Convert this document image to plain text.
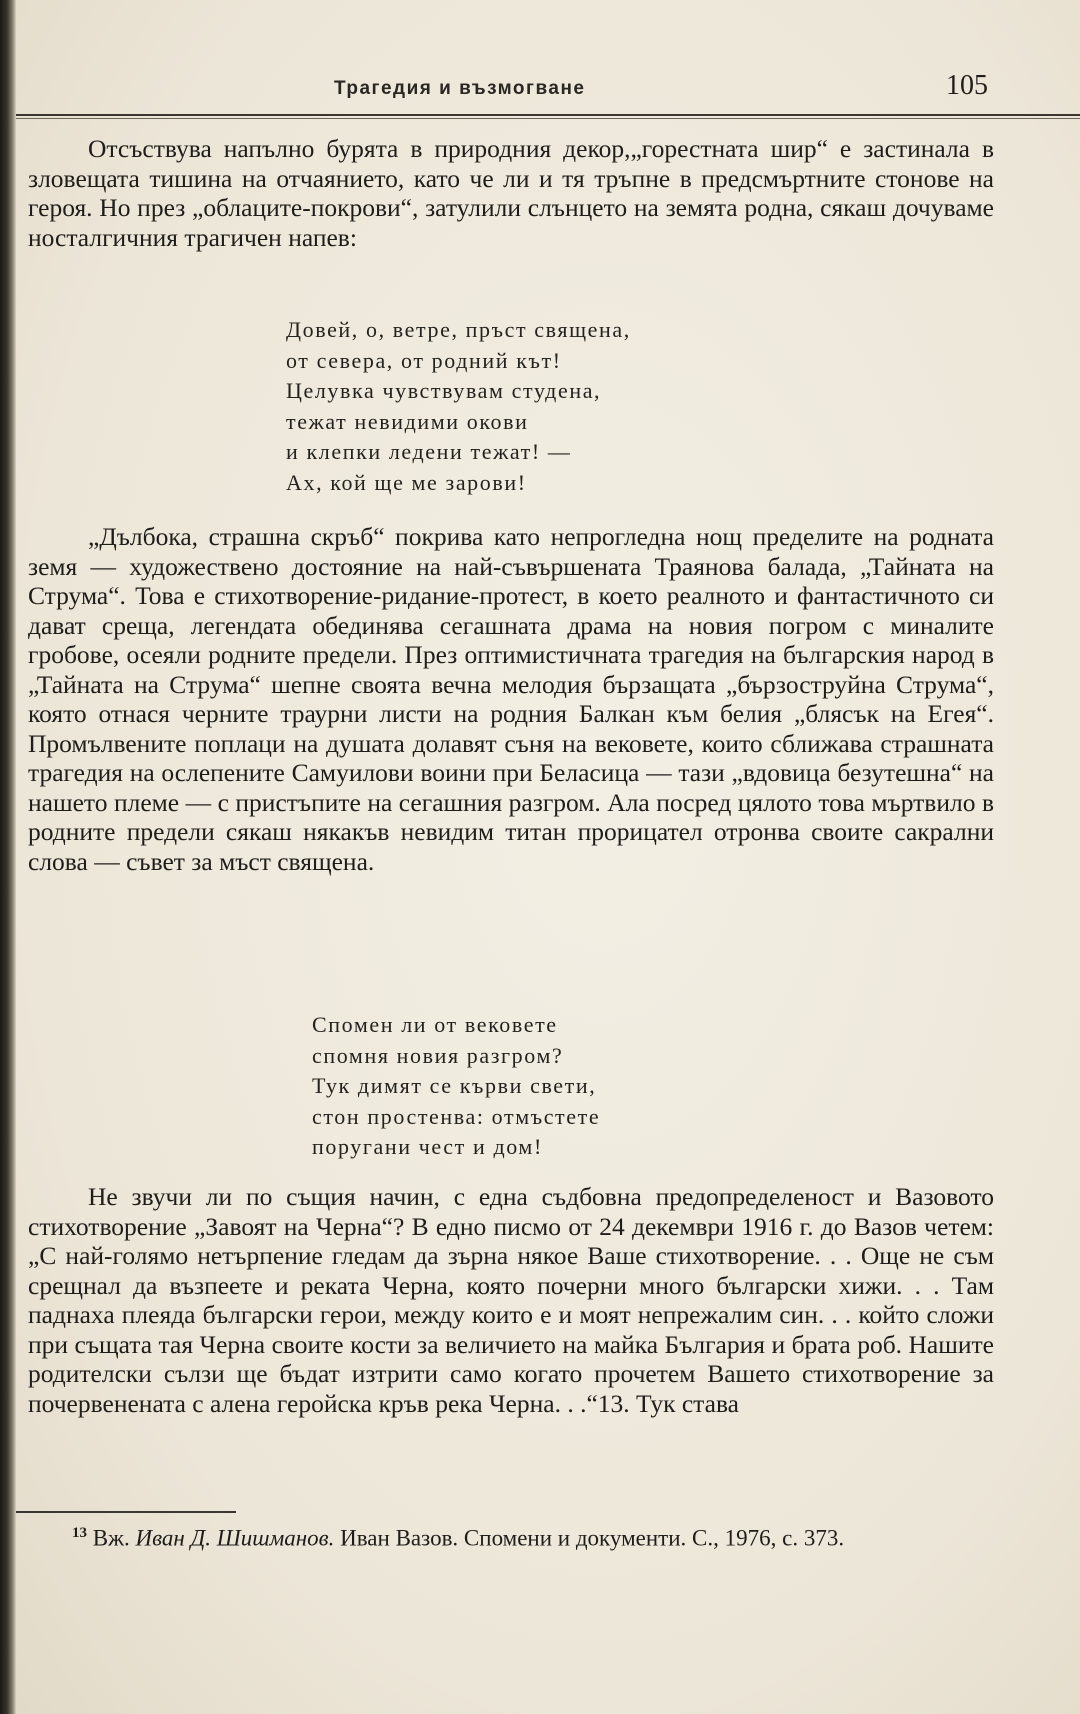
Трагедия и възмогване	105

Отсъствува напълно бурята в природния декор,„горестната шир“ е застинала в зловещата тишина на отчаянието, като че ли и тя тръпне в предсмъртните стонове на героя. Но през „облаците-покрови“, затулили слънцето на земята родна, сякаш дочуваме носталгичния трагичен напев:

Довей, о, ветре, пръст священа,
от севера, от родний кът!
Целувка чувствувам студена,
тежат невидими окови
и клепки ледени тежат! —
Ах, кой ще ме зарови!

„Дълбока, страшна скръб“ покрива като непрогледна нощ пределите на родната земя — художествено достояние на най-съвършената Траянова балада, „Тайната на Струма“. Това е стихотворение-ридание-протест, в което реалното и фантастичното си дават среща, легендата обединява сегашната драма на новия погром с миналите гробове, осеяли родните предели. През оптимистичната трагедия на българския народ в „Тайната на Струма“ шепне своята вечна мелодия бързащата „бързоструйна Струма“, която отнася черните траурни листи на родния Балкан към белия „блясък на Егея“. Промълвените поплаци на душата долавят съня на вековете, които сближава страшната трагедия на ослепените Самуилови воини при Беласица — тази „вдовица безутешна“ на нашето племе — с пристъпите на сегашния разгром. Ала посред цялото това мъртвило в родните предели сякаш някакъв невидим титан прорицател отронва своите сакрални слова — съвет за мъст священа.

Спомен ли от вековете
спомня новия разгром?
Тук димят се кърви свети,
стон простенва: отмъстете
поругани чест и дом!

Не звучи ли по същия начин, с една съдбовна предопределеност и Вазовото стихотворение „Завоят на Черна“? В едно писмо от 24 декември 1916 г. до Вазов четем: „С най-голямо нетърпение гледам да зърна някое Ваше стихотворение. . . Още не съм срещнал да възпеете и реката Черна, която почерни много български хижи. . . Там паднаха плеяда български герои, между които е и моят непрежалим син. . . който сложи при същата тая Черна своите кости за величието на майка България и брата роб. Нашите родителски сълзи ще бъдат изтрити само когато прочетем Вашето стихотворение за почервенената с алена геройска кръв река Черна. . .“13. Тук става

$^{13}$ Вж. Иван Д. Шишманов. Иван Вазов. Спомени и документи. С., 1976, с. 373.
